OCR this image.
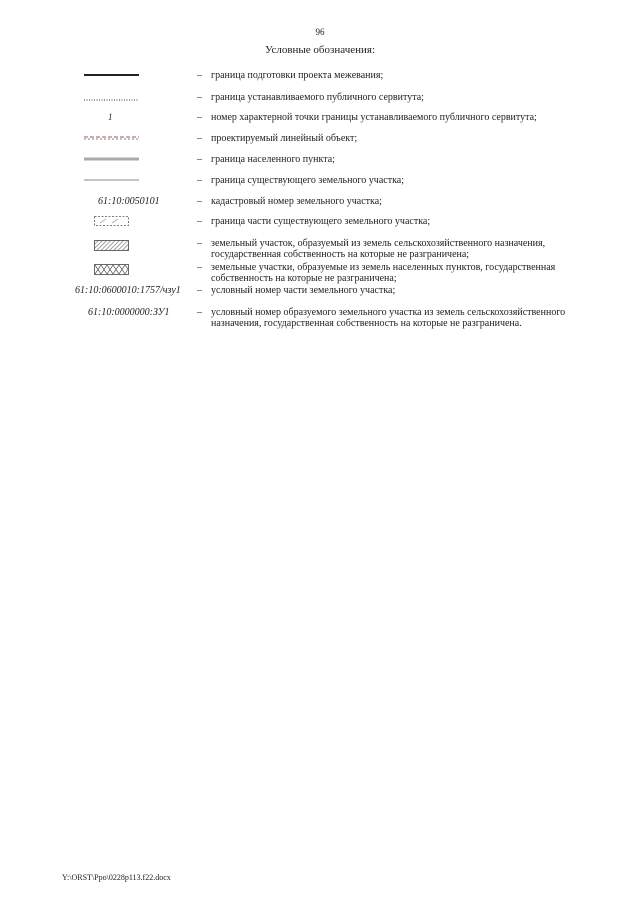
96
Условные обозначения:
– граница подготовки проекта межевания;
– граница устанавливаемого публичного сервитута;
1	– номер характерной точки границы устанавливаемого публичного сервитута;
– проектируемый линейный объект;
– граница населенного пункта;
– граница существующего земельного участка;
61:10:0050101	– кадастровый номер земельного участка;
– граница части существующего земельного участка;
– земельный участок, образуемый из земель сельскохозяйственного назначения, государственная собственность на которые не разграничена;
– земельные участки, образуемые из земель населенных пунктов, государственная собственность на которые не разграничена;
61:10:0600010:1757/чзу1 – условный номер части земельного участка;
61:10:0000000:ЗУ1	– условный номер образуемого земельного участка из земель сельскохозяйственного назначения, государственная собственность на которые не разграничена.
Y:\ORST\Ppo\0228p113.f22.docx
